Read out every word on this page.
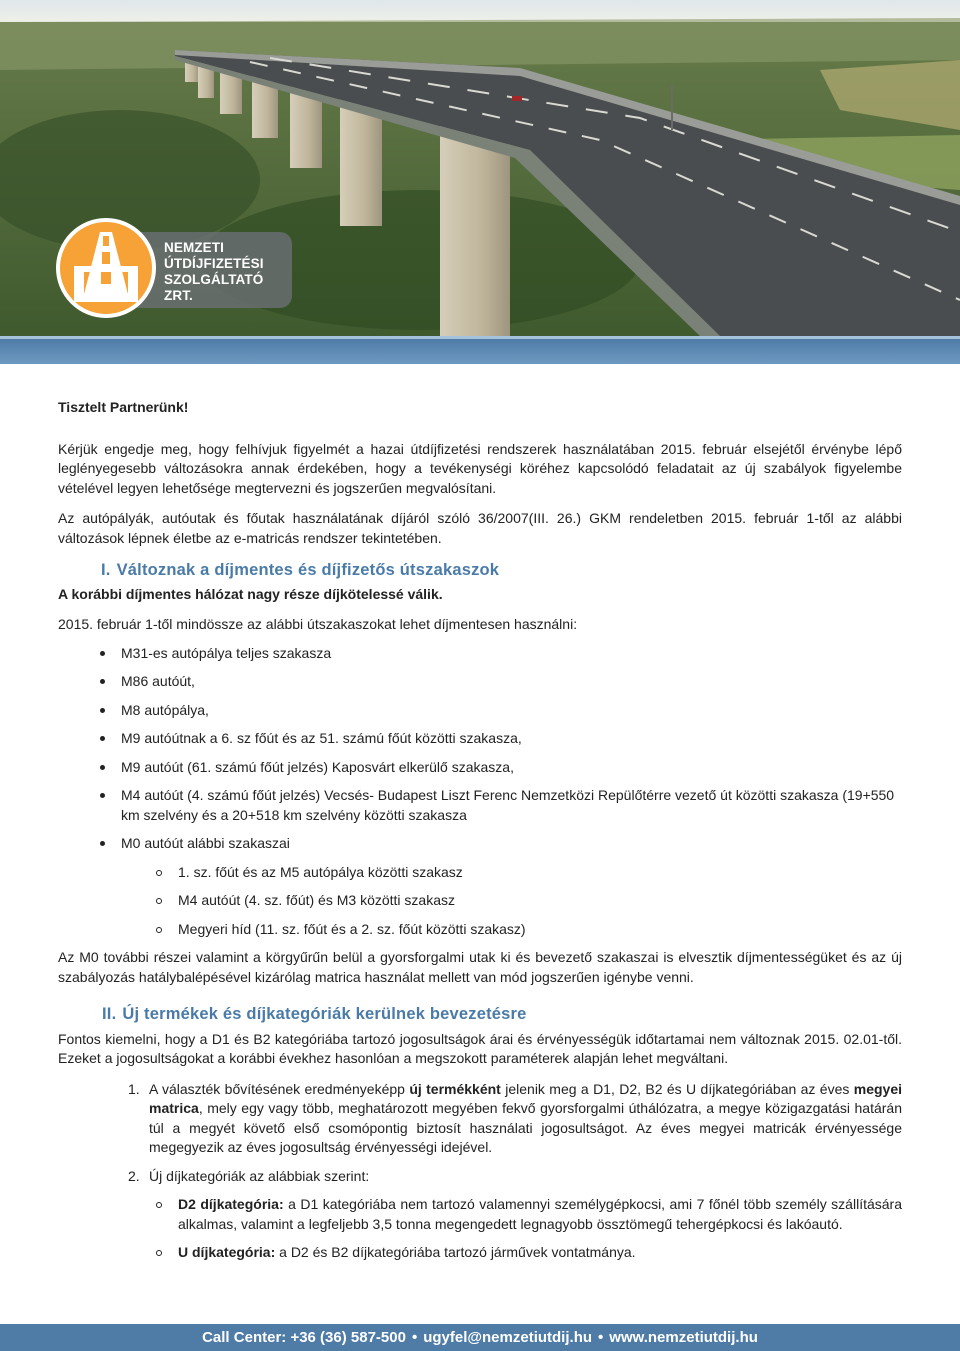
NEMZETI
ÚTDÍJFIZETÉSI
SZOLGÁLTATÓ ZRT.

Tisztelt Partnerünk!

Kérjük engedje meg, hogy felhívjuk figyelmét a hazai útdíjfizetési rendszerek használatában 2015. február elsejétől érvénybe lépő leglényegesebb változásokra annak érdekében, hogy a tevékenységi köréhez kapcsolódó feladatait az új szabályok figyelembe vételével legyen lehetősége megtervezni és jogszerűen megvalósítani.

Az autópályák, autóutak és főutak használatának díjáról szóló 36/2007(III. 26.) GKM rendeletben 2015. február 1-től az alábbi változások lépnek életbe az e-matricás rendszer tekintetében.

I. Változnak a díjmentes és díjfizetős útszakaszok

A korábbi díjmentes hálózat nagy része díjkötelessé válik.

2015. február 1-től mindössze az alábbi útszakaszokat lehet díjmentesen használni:

M31-es autópálya teljes szakasza
M86 autóút,
M8 autópálya,
M9 autóútnak a 6. sz főút és az 51. számú főút közötti szakasza,
M9 autóút (61. számú főút jelzés) Kaposvárt elkerülő szakasza,
M4 autóút (4. számú főút jelzés) Vecsés- Budapest Liszt Ferenc Nemzetközi Repülőtérre vezető út közötti szakasza (19+550 km szelvény és a 20+518 km szelvény közötti szakasza
M0 autóút alábbi szakaszai
1. sz. főút és az M5 autópálya közötti szakasz
M4 autóút (4. sz. főút) és M3 közötti szakasz
Megyeri híd (11. sz. főút és a 2. sz. főút közötti szakasz)

Az M0 további részei valamint a körgyűrűn belül a gyorsforgalmi utak ki és bevezető szakaszai is elvesztik díjmentességüket és az új szabályozás hatálybalépésével kizárólag matrica használat mellett van mód jogszerűen igénybe venni.

II. Új termékek és díjkategóriák kerülnek bevezetésre

Fontos kiemelni, hogy a D1 és B2 kategóriába tartozó jogosultságok árai és érvényességük időtartamai nem változnak 2015. 02.01-től. Ezeket a jogosultságokat a korábbi évekhez hasonlóan a megszokott paraméterek alapján lehet megváltani.

1. A választék bővítésének eredményeképp új termékként jelenik meg a D1, D2, B2 és U díjkategóriában az éves megyei matrica, mely egy vagy több, meghatározott megyében fekvő gyorsforgalmi úthálózatra, a megye közigazgatási határán túl a megyét követő első csomópontig biztosít használati jogosultságot. Az éves megyei matricák érvényessége megegyezik az éves jogosultság érvényességi idejével.
2. Új díjkategóriák az alábbiak szerint:
D2 díjkategória: a D1 kategóriába nem tartozó valamennyi személygépkocsi, ami 7 főnél több személy szállítására alkalmas, valamint a legfeljebb 3,5 tonna megengedett legnagyobb össztömegű tehergépkocsi és lakóautó.
U díjkategória: a D2 és B2 díjkategóriába tartozó járművek vontatmánya.
Call Center: +36 (36) 587-500 • ugyfel@nemzetiutdij.hu • www.nemzetiutdij.hu
